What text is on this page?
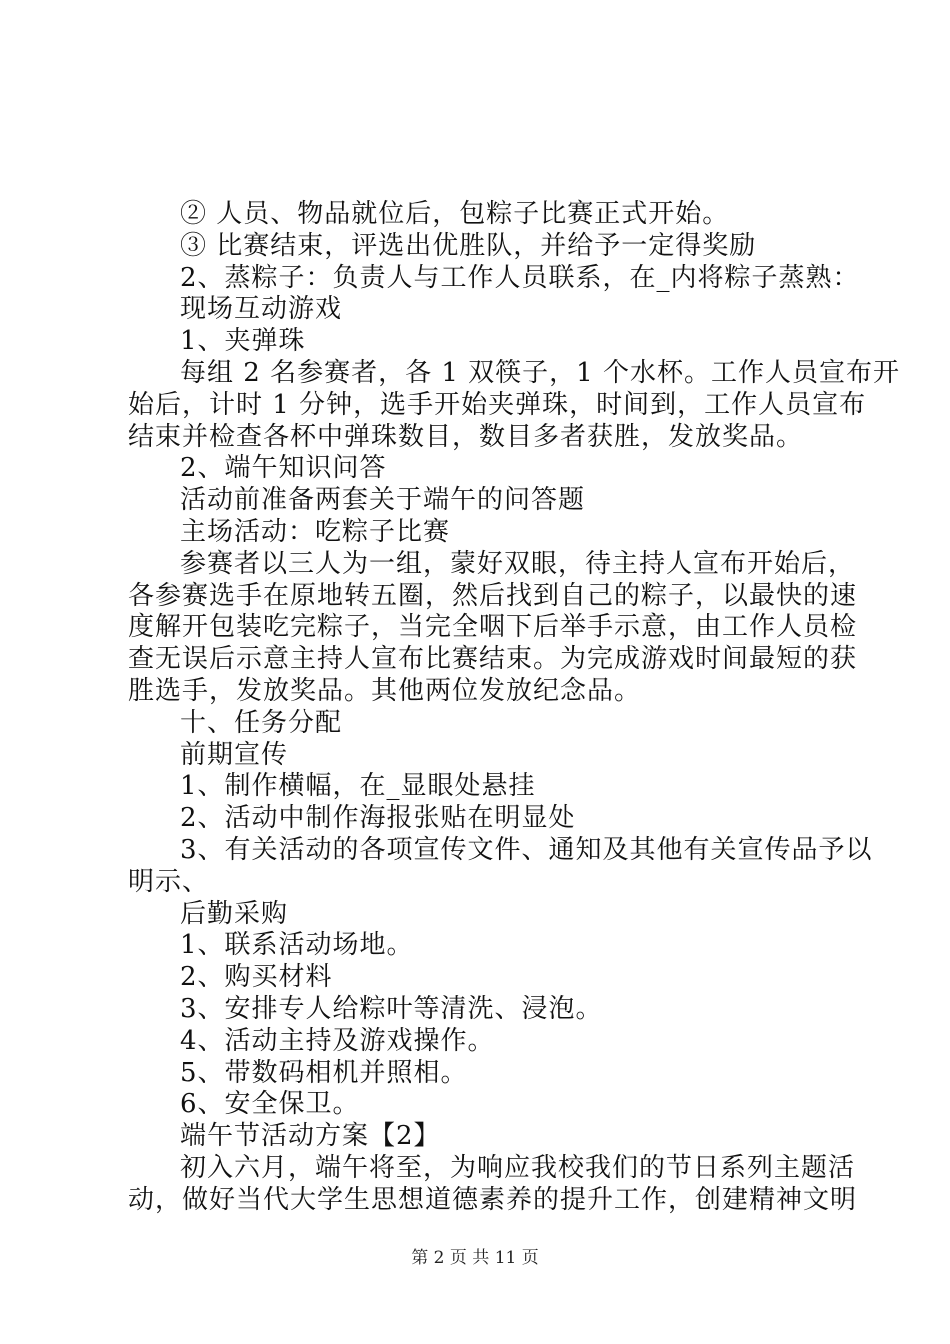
② 人员、物品就位后，包粽子比赛正式开始。
③ 比赛结束，评选出优胜队，并给予一定得奖励
2、蒸粽子：负责人与工作人员联系，在_内将粽子蒸熟：
现场互动游戏
1、夹弹珠
每组 2 名参赛者，各 1 双筷子，1 个水杯。工作人员宣布开
始后，计时 1 分钟，选手开始夹弹珠，时间到，工作人员宣布
结束并检查各杯中弹珠数目，数目多者获胜，发放奖品。
2、端午知识问答
活动前准备两套关于端午的问答题
主场活动：吃粽子比赛
参赛者以三人为一组，蒙好双眼，待主持人宣布开始后，
各参赛选手在原地转五圈，然后找到自己的粽子，以最快的速
度解开包装吃完粽子，当完全咽下后举手示意，由工作人员检
查无误后示意主持人宣布比赛结束。为完成游戏时间最短的获
胜选手，发放奖品。其他两位发放纪念品。
十、任务分配
前期宣传
1、制作横幅，在_显眼处悬挂
2、活动中制作海报张贴在明显处
3、有关活动的各项宣传文件、通知及其他有关宣传品予以
明示、
后勤采购
1、联系活动场地。
2、购买材料
3、安排专人给粽叶等清洗、浸泡。
4、活动主持及游戏操作。
5、带数码相机并照相。
6、安全保卫。
端午节活动方案【2】
初入六月，端午将至，为响应我校我们的节日系列主题活
动，做好当代大学生思想道德素养的提升工作，创建精神文明
第 2 页 共 11 页
